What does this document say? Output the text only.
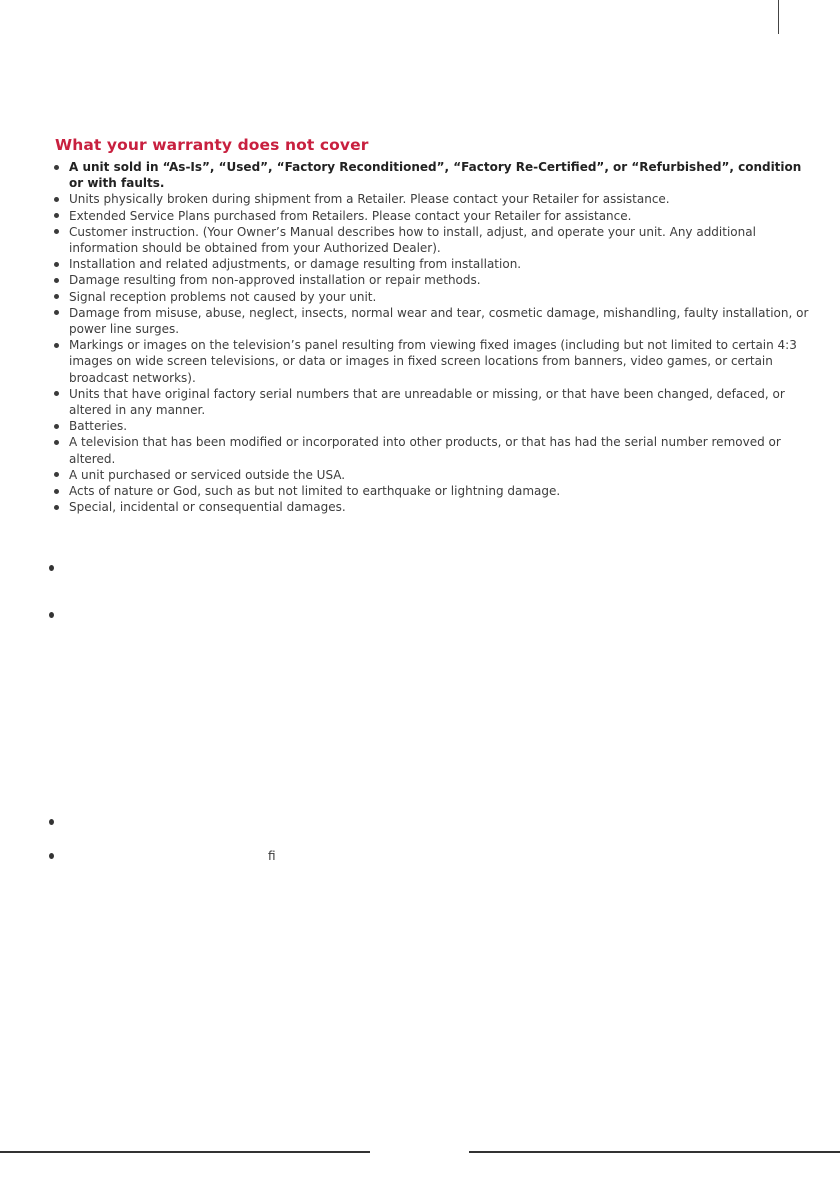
What your warranty does not cover
A unit sold in “As-Is”, “Used”, “Factory Reconditioned”, “Factory Re-Certified”, or “Refurbished”, condition or with faults.
Units physically broken during shipment from a Retailer. Please contact your Retailer for assistance.
Extended Service Plans purchased from Retailers. Please contact your Retailer for assistance.
Customer instruction. (Your Owner’s Manual describes how to install, adjust, and operate your unit. Any additional information should be obtained from your Authorized Dealer).
Installation and related adjustments, or damage resulting from installation.
Damage resulting from non-approved installation or repair methods.
Signal reception problems not caused by your unit.
Damage from misuse, abuse, neglect, insects, normal wear and tear, cosmetic damage, mishandling, faulty installation, or power line surges.
Markings or images on the television’s panel resulting from viewing fixed images (including but not limited to certain 4:3 images on wide screen televisions, or data or images in fixed screen locations from banners, video games, or certain broadcast networks).
Units that have original factory serial numbers that are unreadable or missing, or that have been changed, defaced, or altered in any manner.
Batteries.
A television that has been modified or incorporated into other products, or that has had the serial number removed or altered.
A unit purchased or serviced outside the USA.
Acts of nature or God, such as but not limited to earthquake or lightning damage.
Special, incidental or consequential damages.
fi
